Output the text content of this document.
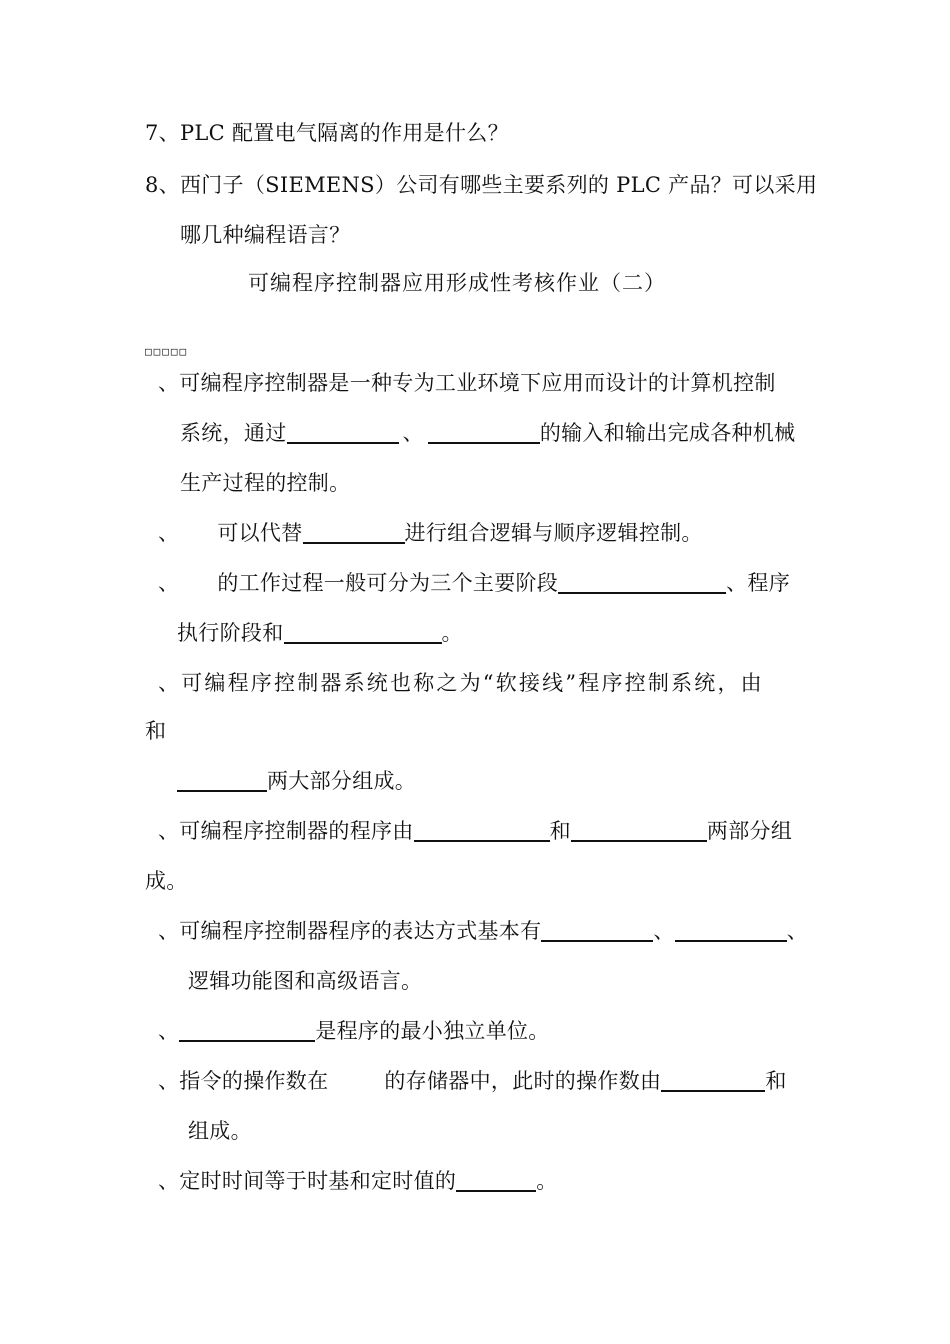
7、PLC 配置电气隔离的作用是什么？
8、西门子（SIEMENS）公司有哪些主要系列的 PLC 产品？可以采用
哪几种编程语言？
可编程序控制器应用形成性考核作业（二）
□□□□□
、可编程序控制器是一种专为工业环境下应用而设计的计算机控制
系统，通过	、	的输入和输出完成各种机械
生产过程的控制。
、 可以代替	进行组合逻辑与顺序逻辑控制。
、 的工作过程一般可分为三个主要阶段	、程序
执行阶段和	。
、可编程序控制器系统也称之为“软接线”程序控制系统，由
和
两大部分组成。
、可编程序控制器的程序由	和	两部分组
成。
、可编程序控制器程序的表达方式基本有	、	、
逻辑功能图和高级语言。
、	是程序的最小独立单位。
、指令的操作数在	的存储器中，此时的操作数由	和
组成。
、定时时间等于时基和定时值的	。
